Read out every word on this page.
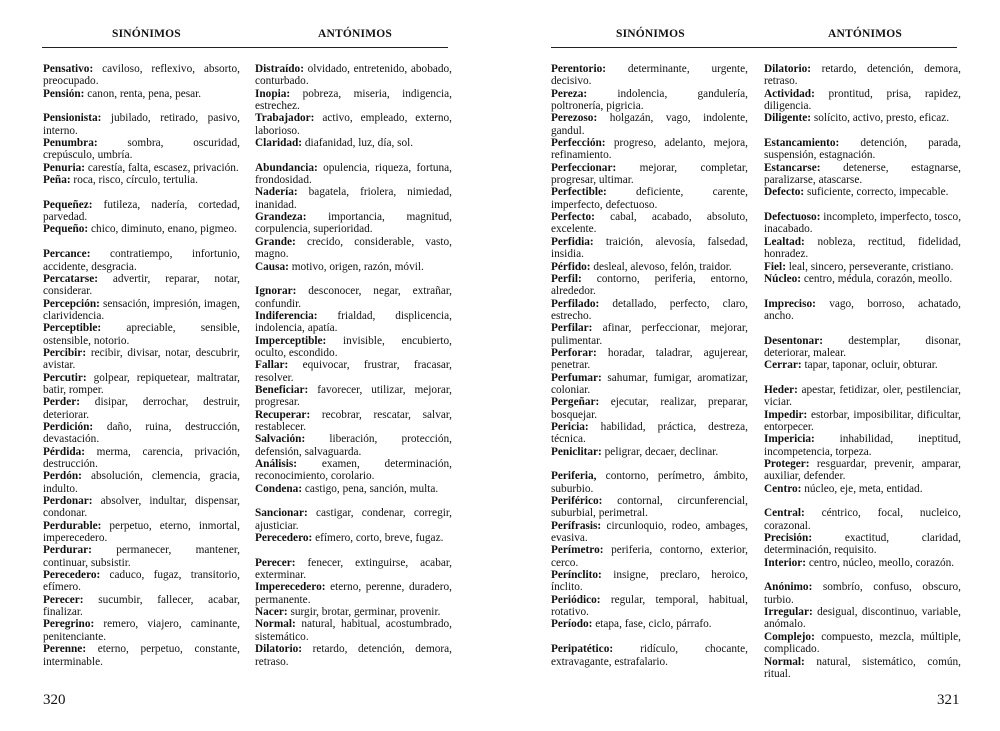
SINÓNIMOS	ANTÓNIMOS
Pensativo: caviloso, reflexivo, absorto, preocupado.
Pensión: canon, renta, pena, pesar.
Pensionista: jubilado, retirado, pasivo, interno.
Penumbra: sombra, oscuridad, crepúsculo, umbría.
Penuria: carestía, falta, escasez, privación.
Peña: roca, risco, círculo, tertulia.
Pequeñez: futileza, nadería, cortedad, parvedad.
Pequeño: chico, diminuto, enano, pigmeo.
Percance: contratiempo, infortunio, accidente, desgracia.
Percatarse: advertir, reparar, notar, considerar.
Percepción: sensación, impresión, imagen, clarividencia.
Perceptible: apreciable, sensible, ostensible, notorio.
Percibir: recibir, divisar, notar, descubrir, avistar.
Percutir: golpear, repiquetear, maltratar, batir, romper.
Perder: disipar, derrochar, destruir, deteriorar.
Perdición: daño, ruina, destrucción, devastación.
Pérdida: merma, carencia, privación, destrucción.
Perdón: absolución, clemencia, gracia, indulto.
Perdonar: absolver, indultar, dispensar, condonar.
Perdurable: perpetuo, eterno, inmortal, imperecedero.
Perdurar: permanecer, mantener, continuar, subsistir.
Perecedero: caduco, fugaz, transitorio, efímero.
Perecer: sucumbir, fallecer, acabar, finalizar.
Peregrino: remero, viajero, caminante, penitenciante.
Perenne: eterno, perpetuo, constante, interminable.
Distraído: olvidado, entretenido, abobado, conturbado.
Inopia: pobreza, miseria, indigencia, estrechez.
Trabajador: activo, empleado, externo, laborioso.
Claridad: diafanidad, luz, día, sol.
Abundancia: opulencia, riqueza, fortuna, frondosidad.
Nadería: bagatela, friolera, nimiedad, inanidad.
Grandeza: importancia, magnitud, corpulencia, superioridad.
Grande: crecido, considerable, vasto, magno.
Causa: motivo, origen, razón, móvil.
Ignorar: desconocer, negar, extrañar, confundir.
Indiferencia: frialdad, displicencia, indolencia, apatía.
Imperceptible: invisible, encubierto, oculto, escondido.
Fallar: equivocar, frustrar, fracasar, resolver.
Beneficiar: favorecer, utilizar, mejorar, progresar.
Recuperar: recobrar, rescatar, salvar, restablecer.
Salvación: liberación, protección, defensión, salvaguarda.
Análisis: examen, determinación, reconocimiento, corolario.
Condena: castigo, pena, sanción, multa.
Sancionar: castigar, condenar, corregir, ajusticiar.
Perecedero: efímero, corto, breve, fugaz.
Perecer: fenecer, extinguirse, acabar, exterminar.
Imperecedero: eterno, perenne, duradero, permanente.
Nacer: surgir, brotar, germinar, provenir.
Normal: natural, habitual, acostumbrado, sistemático.
Dilatorio: retardo, detención, demora, retraso.
320
SINÓNIMOS	ANTÓNIMOS
Perentorio: determinante, urgente, decisivo.
Pereza: indolencia, gandulería, poltronería, pigricia.
Perezoso: holgazán, vago, indolente, gandul.
Perfección: progreso, adelanto, mejora, refinamiento.
Perfeccionar: mejorar, completar, progresar, ultimar.
Perfectible: deficiente, carente, imperfecto, defectuoso.
Perfecto: cabal, acabado, absoluto, excelente.
Perfidia: traición, alevosía, falsedad, insidia.
Pérfido: desleal, alevoso, felón, traidor.
Perfil: contorno, periferia, entorno, alrededor.
Perfilado: detallado, perfecto, claro, estrecho.
Perfilar: afinar, perfeccionar, mejorar, pulimentar.
Perforar: horadar, taladrar, agujerear, penetrar.
Perfumar: sahumar, fumigar, aromatizar, coloniar.
Pergeñar: ejecutar, realizar, preparar, bosquejar.
Pericia: habilidad, práctica, destreza, técnica.
Peniclitar: peligrar, decaer, declinar.
Periferia, contorno, perímetro, ámbito, suburbio.
Periférico: contornal, circunferencial, suburbial, perimetral.
Perífrasis: circunloquio, rodeo, ambages, evasiva.
Perímetro: periferia, contorno, exterior, cerco.
Perínclito: insigne, preclaro, heroico, ínclito.
Periódico: regular, temporal, habitual, rotativo.
Período: etapa, fase, ciclo, párrafo.
Peripatético: ridículo, chocante, extravagante, estrafalario.
Dilatorio: retardo, detención, demora, retraso.
Actividad: prontitud, prisa, rapidez, diligencia.
Diligente: solícito, activo, presto, eficaz.
Estancamiento: detención, parada, suspensión, estagnación.
Estancarse: detenerse, estagnarse, paralizarse, atascarse.
Defecto: suficiente, correcto, impecable.
Defectuoso: incompleto, imperfecto, tosco, inacabado.
Lealtad: nobleza, rectitud, fidelidad, honradez.
Fiel: leal, sincero, perseverante, cristiano.
Núcleo: centro, médula, corazón, meollo.
Impreciso: vago, borroso, achatado, ancho.
Desentonar: destemplar, disonar, deteriorar, malear.
Cerrar: tapar, taponar, ocluir, obturar.
Heder: apestar, fetidizar, oler, pestilenciar, viciar.
Impedir: estorbar, imposibilitar, dificultar, entorpecer.
Impericia: inhabilidad, ineptitud, incompetencia, torpeza.
Proteger: resguardar, prevenir, amparar, auxiliar, defender.
Centro: núcleo, eje, meta, entidad.
Central: céntrico, focal, nucleico, corazonal.
Precisión: exactitud, claridad, determinación, requisito.
Interior: centro, núcleo, meollo, corazón.
Anónimo: sombrío, confuso, obscuro, turbio.
Irregular: desigual, discontinuo, variable, anómalo.
Complejo: compuesto, mezcla, múltiple, complicado.
Normal: natural, sistemático, común, ritual.
321
